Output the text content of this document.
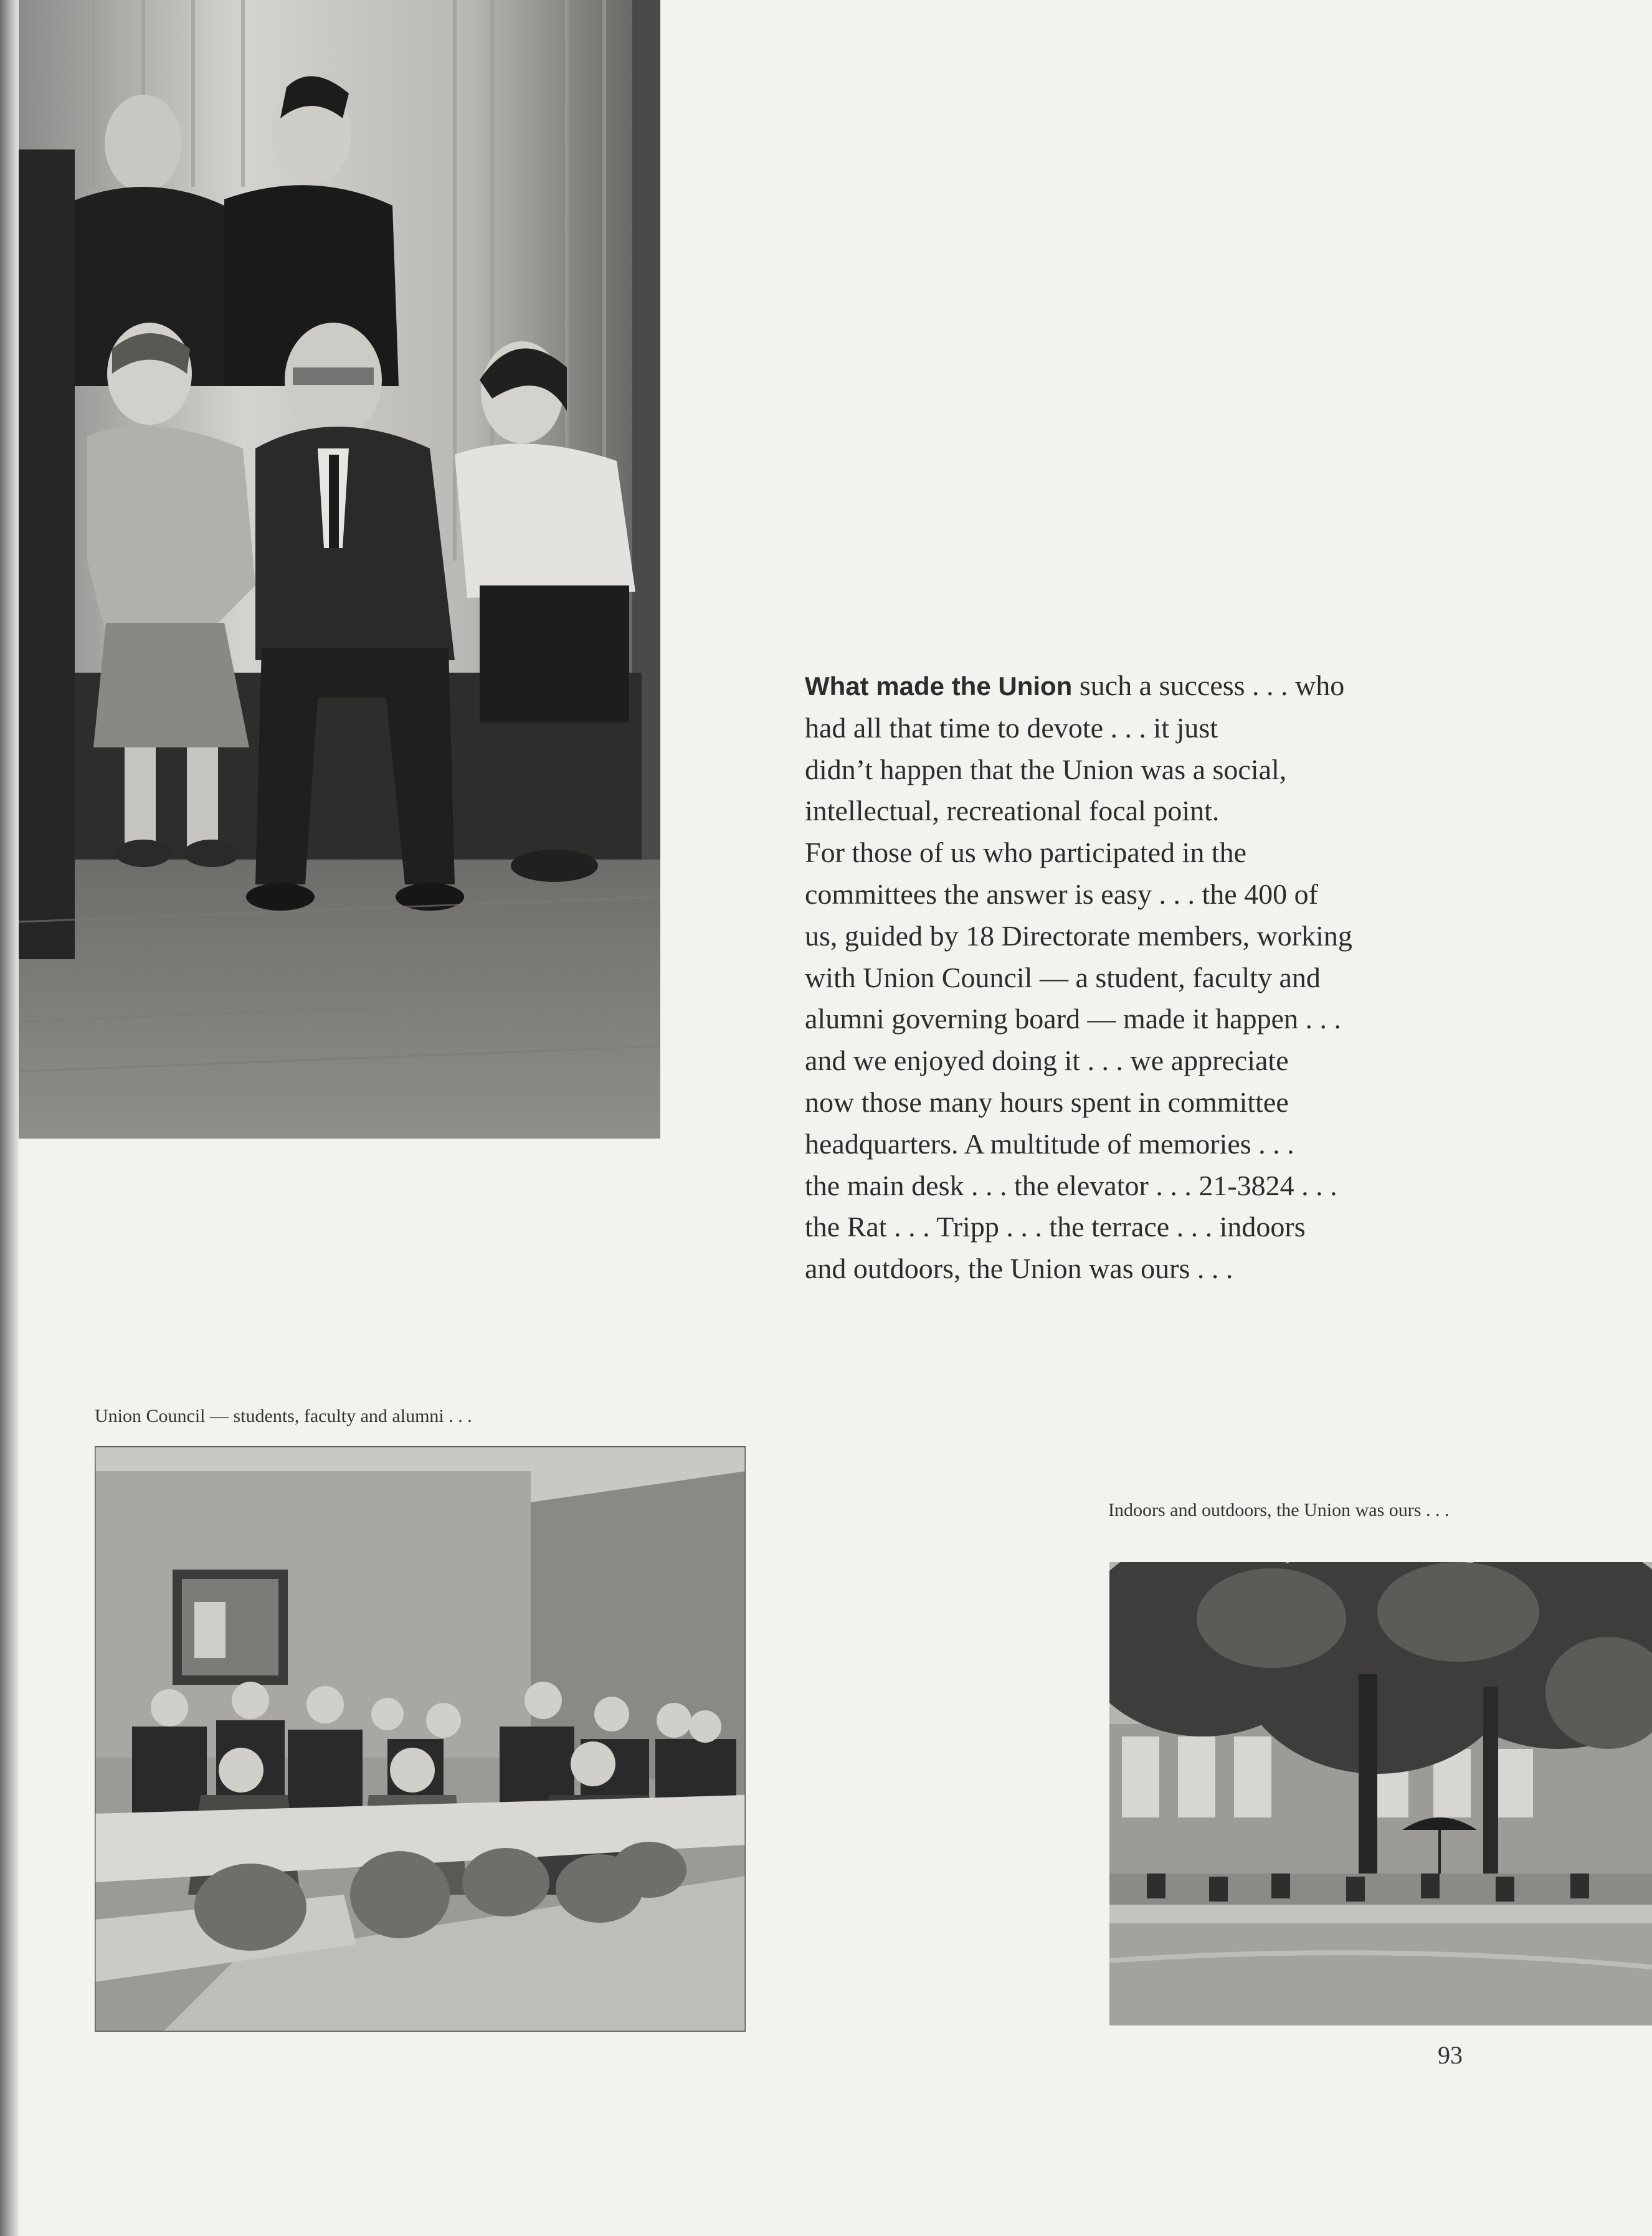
What made the Union such a success . . . who

had all that time to devote . . . it just

didn’t happen that the Union was a social,

intellectual, recreational focal point.

For those of us who participated in the

committees the answer is easy . . . the 400 of

us, guided by 18 Directorate members, working

with Union Council — a student, faculty and

alumni governing board — made it happen . . .

and we enjoyed doing it . . . we appreciate

now those many hours spent in committee

headquarters. A multitude of memories . . .

the main desk . . . the elevator . . . 21-3824 . . .

the Rat . . . Tripp . . . the terrace . . . indoors

and outdoors, the Union was ours . . .

Union Council — students, faculty and alumni . . .
Indoors and outdoors, the Union was ours . . .
93
